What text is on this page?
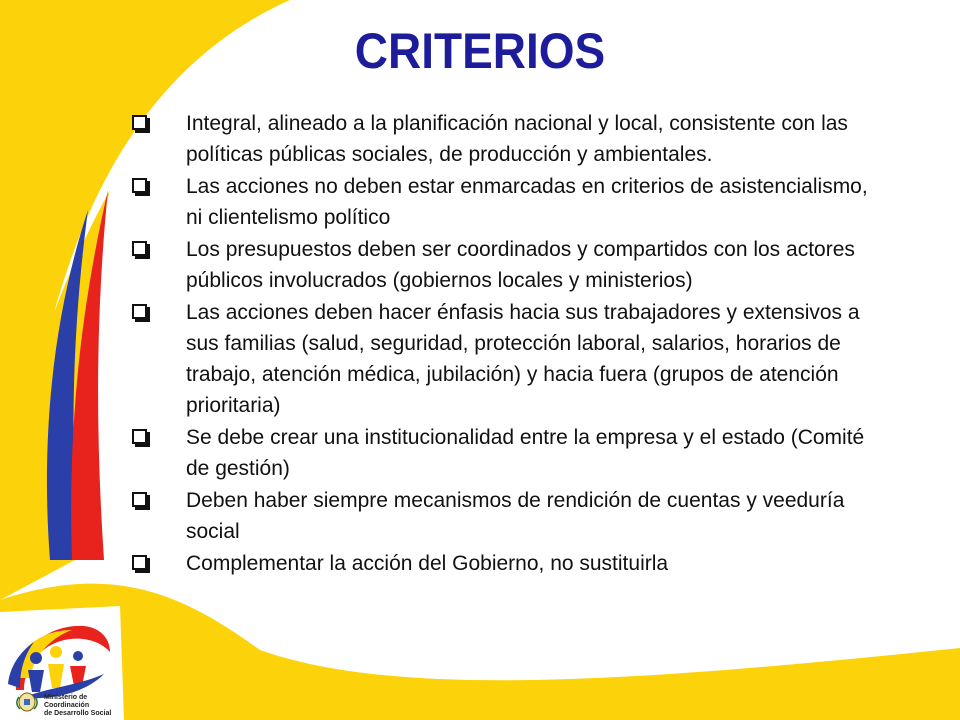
CRITERIOS
Integral, alineado a la planificación nacional y local, consistente con las políticas públicas sociales, de producción y ambientales.
Las acciones no deben estar enmarcadas en criterios de asistencialismo, ni clientelismo político
Los presupuestos deben ser coordinados y compartidos con los actores públicos involucrados (gobiernos locales y ministerios)
Las acciones deben hacer énfasis hacia sus trabajadores y extensivos a sus familias (salud, seguridad, protección laboral, salarios, horarios de trabajo, atención médica, jubilación) y hacia fuera (grupos de atención prioritaria)
Se debe crear una institucionalidad entre la empresa y el estado (Comité de gestión)
Deben haber siempre mecanismos de rendición de cuentas y veeduría social
Complementar la acción del Gobierno, no sustituirla
Ministerio de Coordinación
de Desarrollo Social
